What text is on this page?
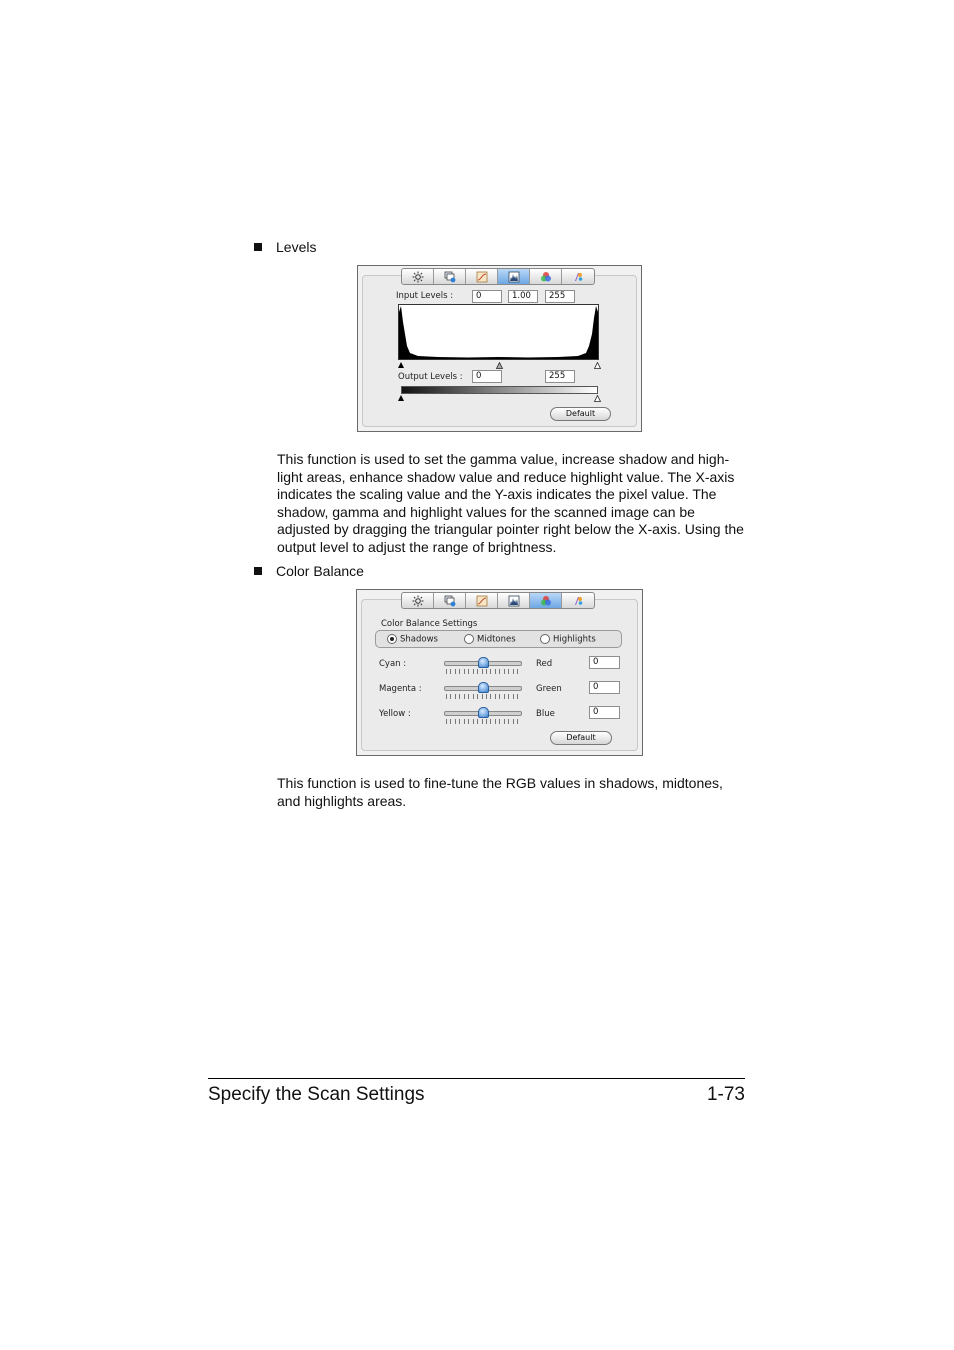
Levels
Input Levels :	0	1.00	255
Output Levels :	0	255
Default
This function is used to set the gamma value, increase shadow and high-light areas, enhance shadow value and reduce highlight value. The X-axis indicates the scaling value and the Y-axis indicates the pixel value. The shadow, gamma and highlight values for the scanned image can be adjusted by dragging the triangular pointer right below the X-axis. Using the output level to adjust the range of brightness.
Color Balance
Color Balance Settings
Shadows	Midtones	Highlights
Cyan :	Red	0
Magenta :	Green	0
Yellow :	Blue	0
Default
This function is used to fine-tune the RGB values in shadows, midtones, and highlights areas.
Specify the Scan Settings	1-73
